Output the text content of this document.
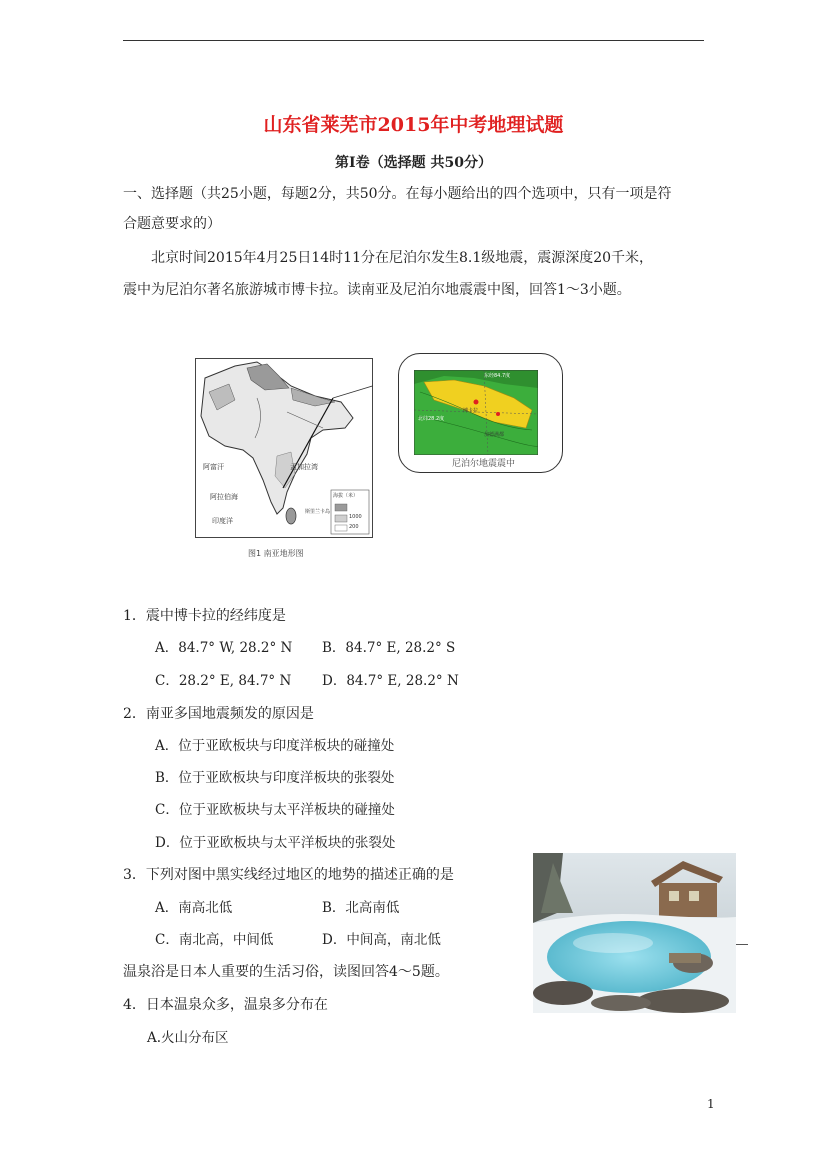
山东省莱芜市2015年中考地理试题
第Ⅰ卷（选择题 共50分）
一、选择题（共25小题，每题2分，共50分。在每小题给出的四个选项中，只有一项是符
合题意要求的）
北京时间2015年4月25日14时11分在尼泊尔发生8.1级地震，震源深度20千米，
震中为尼泊尔著名旅游城市博卡拉。读南亚及尼泊尔地震震中图，回答1～3小题。
阿富汗	孟加拉湾
阿拉伯海
印度洋
海拔（米）
1000
200
斯里兰卡岛
图1 南亚地形图
东经84.7度
北纬28.2度
博卡拉
加德满都
尼泊尔地震震中
1．震中博卡拉的经纬度是
A．84.7° W, 28.2° N B．84.7° E, 28.2° S
C．28.2° E, 84.7° N D．84.7° E, 28.2° N
2．南亚多国地震频发的原因是
A．位于亚欧板块与印度洋板块的碰撞处
B．位于亚欧板块与印度洋板块的张裂处
C．位于亚欧板块与太平洋板块的碰撞处
D．位于亚欧板块与太平洋板块的张裂处
3．下列对图中黑实线经过地区的地势的描述正确的是
A．南高北低	B．北高南低
C．南北高，中间低	D．中间高，南北低
温泉浴是日本人重要的生活习俗，读图回答4～5题。
4．日本温泉众多，温泉多分布在
A.火山分布区
1
